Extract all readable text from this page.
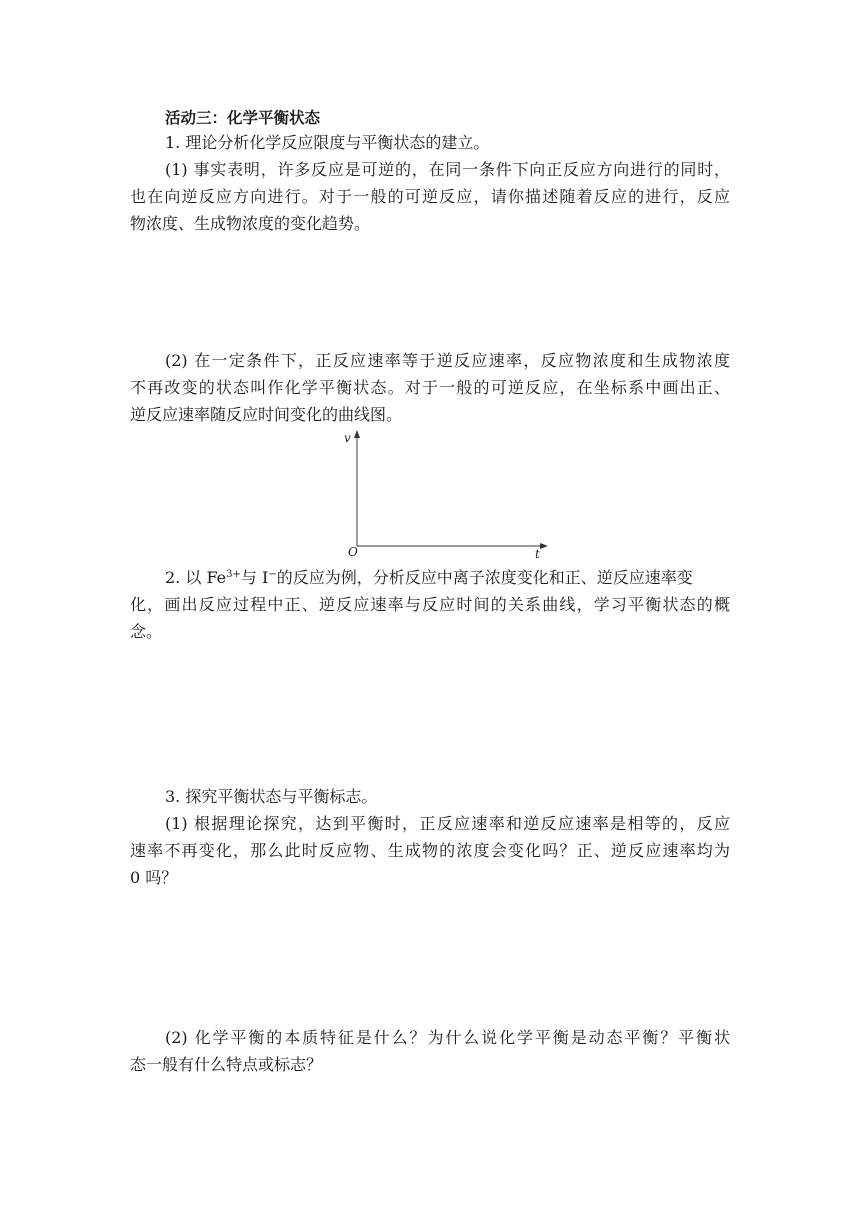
活动三：化学平衡状态
1. 理论分析化学反应限度与平衡状态的建立。
(1) 事实表明，许多反应是可逆的，在同一条件下向正反应方向进行的同时，
也在向逆反应方向进行。对于一般的可逆反应，请你描述随着反应的进行，反应
物浓度、生成物浓度的变化趋势。
(2) 在一定条件下，正反应速率等于逆反应速率，反应物浓度和生成物浓度
不再改变的状态叫作化学平衡状态。对于一般的可逆反应，在坐标系中画出正、
逆反应速率随反应时间变化的曲线图。
v
t
O
2. 以 $Fe^{3+}$与 I−的反应为例，分析反应中离子浓度变化和正、逆反应速率变
化，画出反应过程中正、逆反应速率与反应时间的关系曲线，学习平衡状态的概
念。
3. 探究平衡状态与平衡标志。
(1) 根据理论探究，达到平衡时，正反应速率和逆反应速率是相等的，反应
速率不再变化，那么此时反应物、生成物的浓度会变化吗？正、逆反应速率均为
0 吗？
(2) 化学平衡的本质特征是什么？为什么说化学平衡是动态平衡？平衡状
态一般有什么特点或标志？
